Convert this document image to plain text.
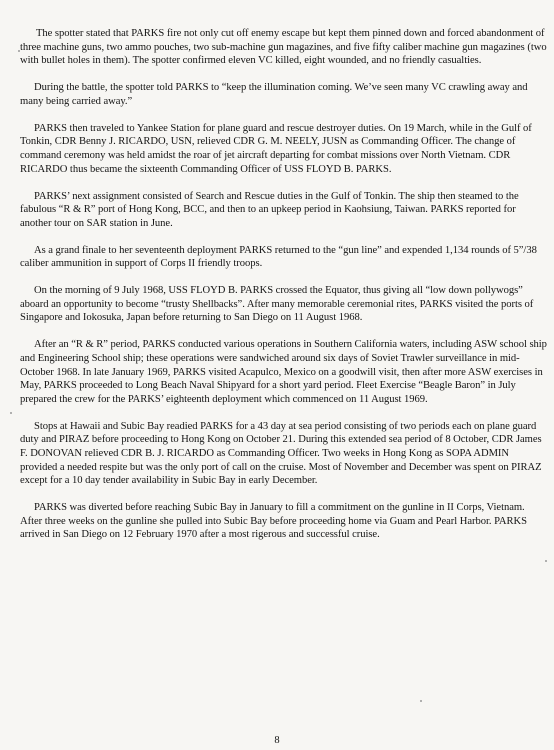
The spotter stated that PARKS fire not only cut off enemy escape but kept them pinned down and forced abandonment of three machine guns, two ammo pouches, two sub-machine gun magazines, and five fifty caliber machine gun magazines (two with bullet holes in them). The spotter confirmed eleven VC killed, eight wounded, and no friendly casualties.

During the battle, the spotter told PARKS to “keep the illumination coming. We’ve seen many VC crawling away and many being carried away.”

PARKS then traveled to Yankee Station for plane guard and rescue destroyer duties. On 19 March, while in the Gulf of Tonkin, CDR Benny J. RICARDO, USN, relieved CDR G. M. NEELY, JUSN as Commanding Officer. The change of command ceremony was held amidst the roar of jet aircraft departing for combat missions over North Vietnam. CDR RICARDO thus became the sixteenth Commanding Officer of USS FLOYD B. PARKS.

PARKS’ next assignment consisted of Search and Rescue duties in the Gulf of Tonkin. The ship then steamed to the fabulous “R & R” port of Hong Kong, BCC, and then to an upkeep period in Kaohsiung, Taiwan. PARKS reported for another tour on SAR station in June.

As a grand finale to her seventeenth deployment PARKS returned to the “gun line” and expended 1,134 rounds of 5”/38 caliber ammunition in support of Corps II friendly troops.

On the morning of 9 July 1968, USS FLOYD B. PARKS crossed the Equator, thus giving all “low down pollywogs” aboard an opportunity to become “trusty Shellbacks”. After many memorable ceremonial rites, PARKS visited the ports of Singapore and Iokosuka, Japan before returning to San Diego on 11 August 1968.

After an “R & R” period, PARKS conducted various operations in Southern California waters, including ASW school ship and Engineering School ship; these operations were sandwiched around six days of Soviet Trawler surveillance in mid-October 1968. In late January 1969, PARKS visited Acapulco, Mexico on a goodwill visit, then after more ASW exercises in May, PARKS proceeded to Long Beach Naval Shipyard for a short yard period. Fleet Exercise “Beagle Baron” in July prepared the crew for the PARKS’ eighteenth deployment which commenced on 11 August 1969.

Stops at Hawaii and Subic Bay readied PARKS for a 43 day at sea period consisting of two periods each on plane guard duty and PIRAZ before proceeding to Hong Kong on October 21. During this extended sea period of 8 October, CDR James F. DONOVAN relieved CDR B. J. RICARDO as Commanding Officer. Two weeks in Hong Kong as SOPA ADMIN provided a needed respite but was the only port of call on the cruise. Most of November and December was spent on PIRAZ except for a 10 day tender availability in Subic Bay in early December.

PARKS was diverted before reaching Subic Bay in January to fill a commitment on the gunline in II Corps, Vietnam. After three weeks on the gunline she pulled into Subic Bay before proceeding home via Guam and Pearl Harbor. PARKS arrived in San Diego on 12 February 1970 after a most rigerous and successful cruise.

8
